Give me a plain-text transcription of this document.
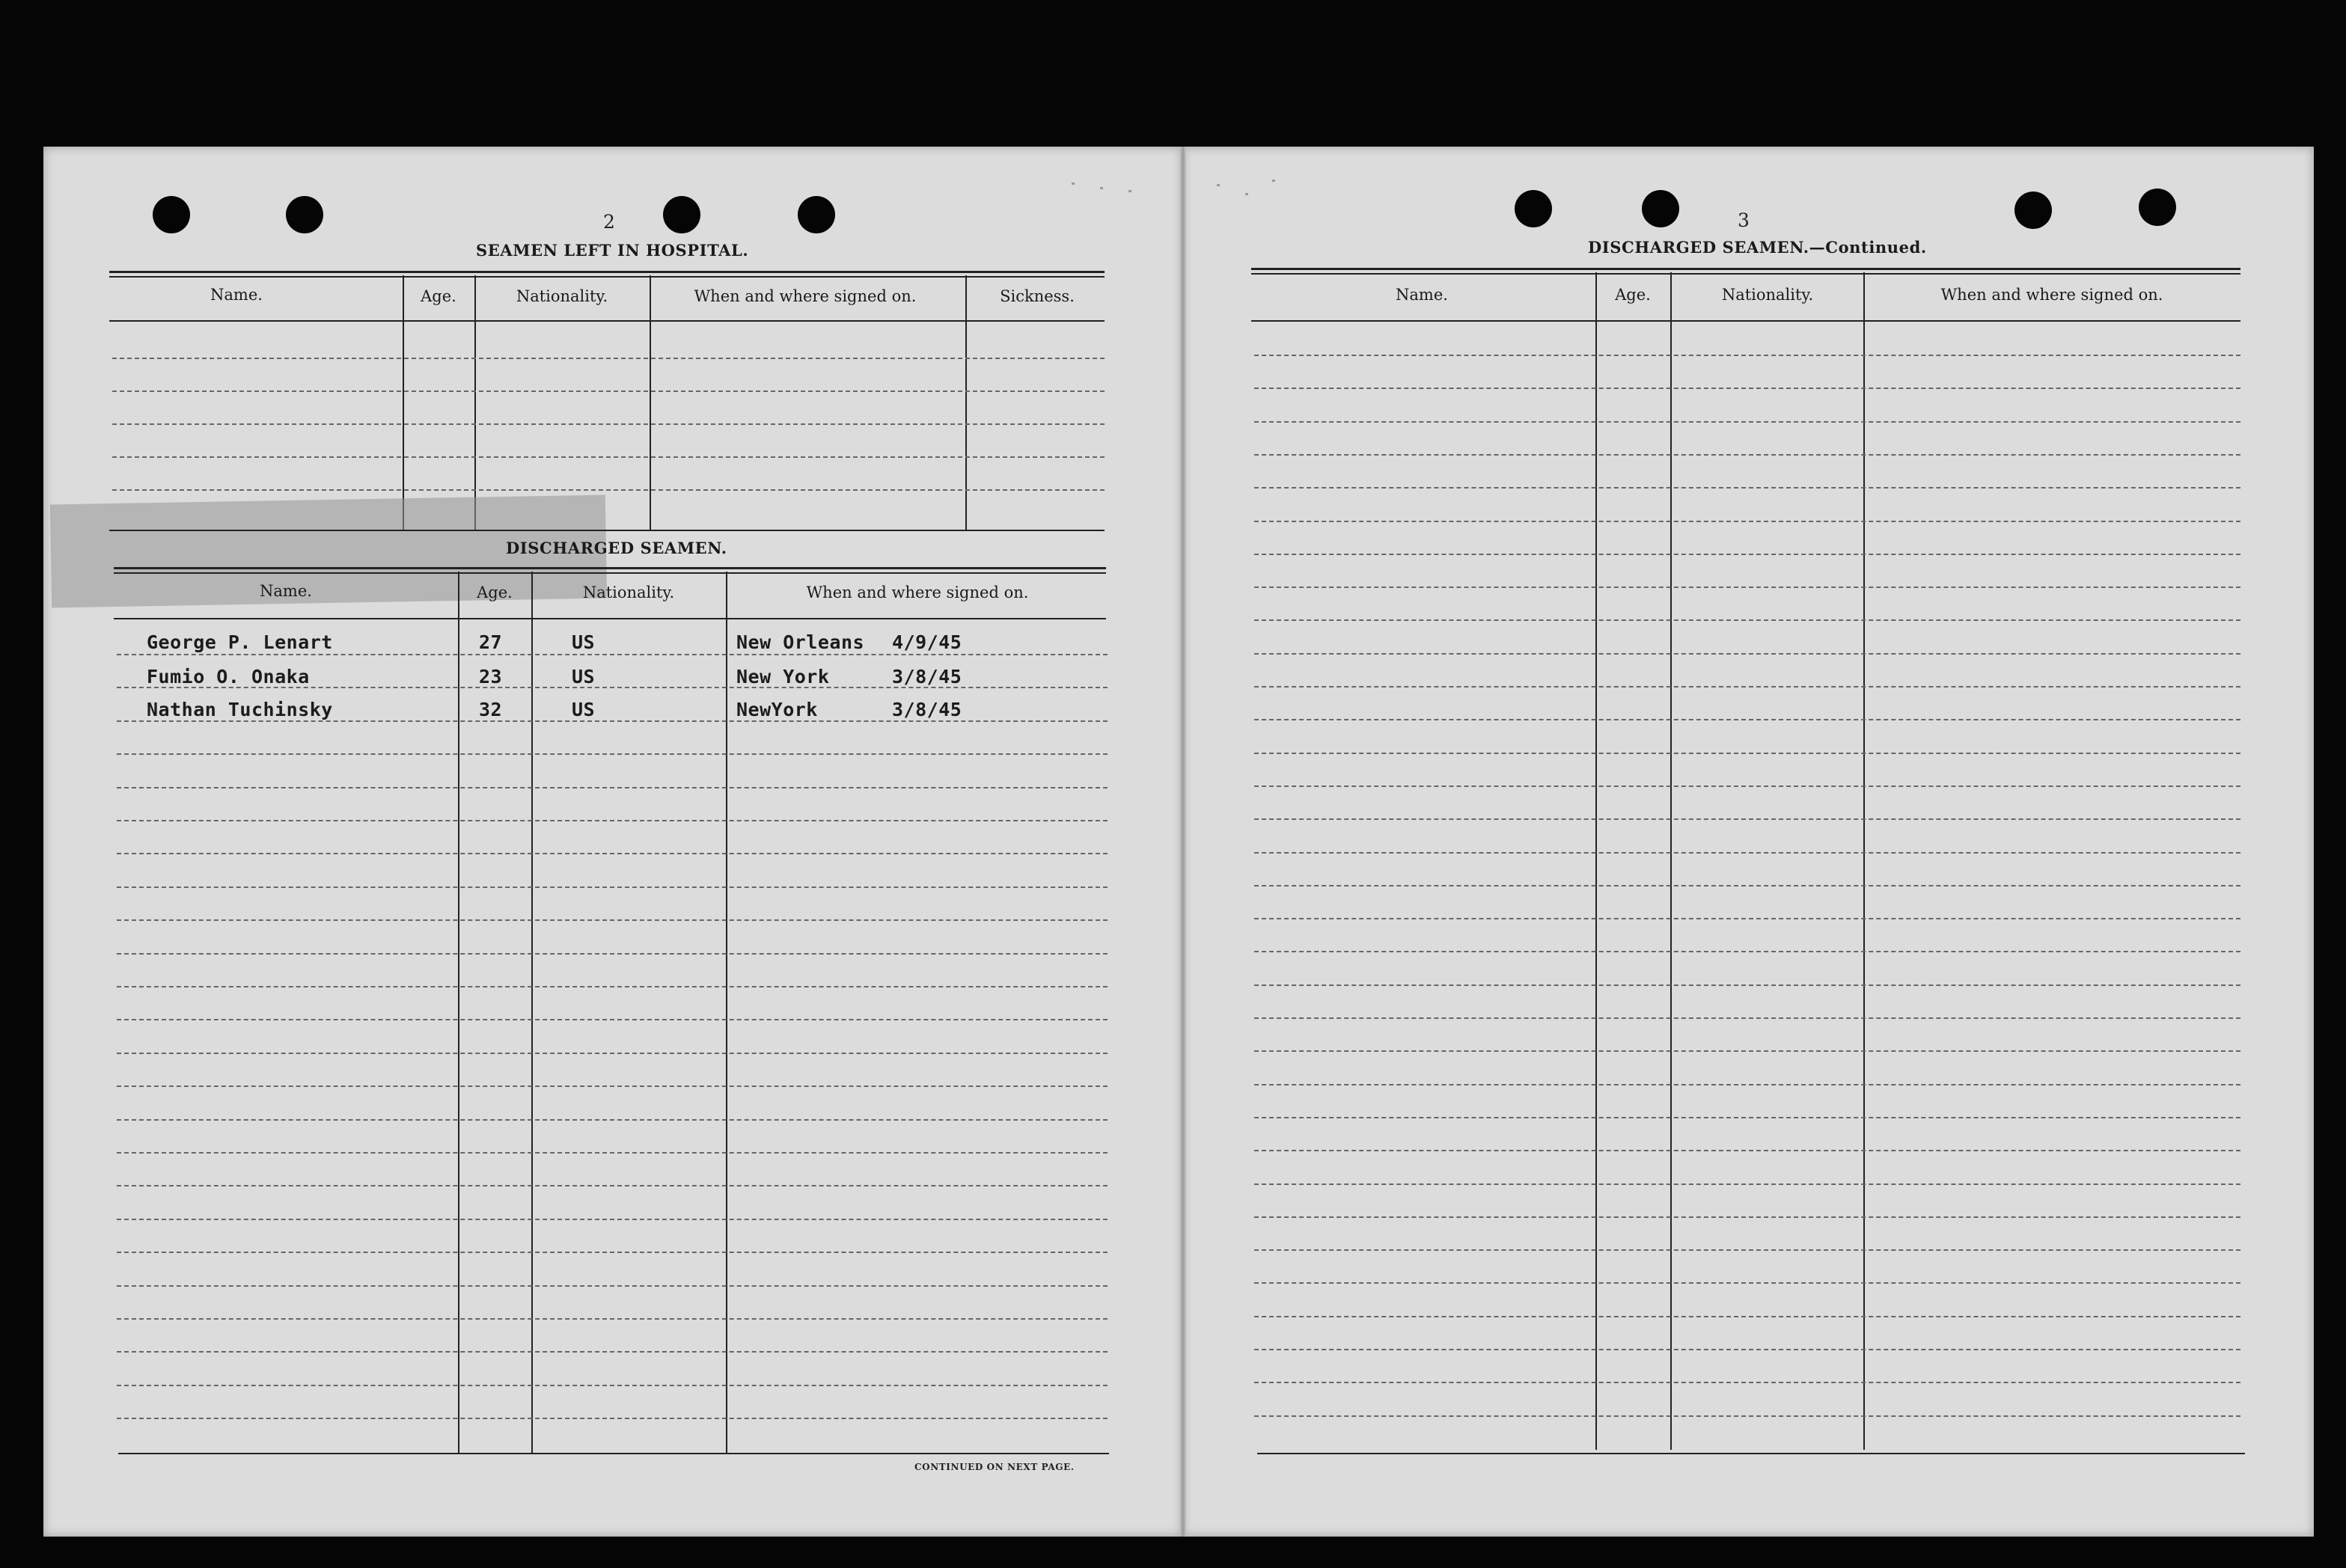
2
SEAMEN LEFT IN HOSPITAL.
Name.	Age.	Nationality.	When and where signed on.	Sickness.
DISCHARGED SEAMEN.
Name.	Age.	Nationality.	When and where signed on.
George P. Lenart	27	US	New Orleans 4/9/45
Fumio O. Onaka	23	US	New York	3/8/45
Nathan Tuchinsky	32	US	NewYork	3/8/45
CONTINUED ON NEXT PAGE.
3
DISCHARGED SEAMEN.—Continued.
Name.	Age.	Nationality.	When and where signed on.
